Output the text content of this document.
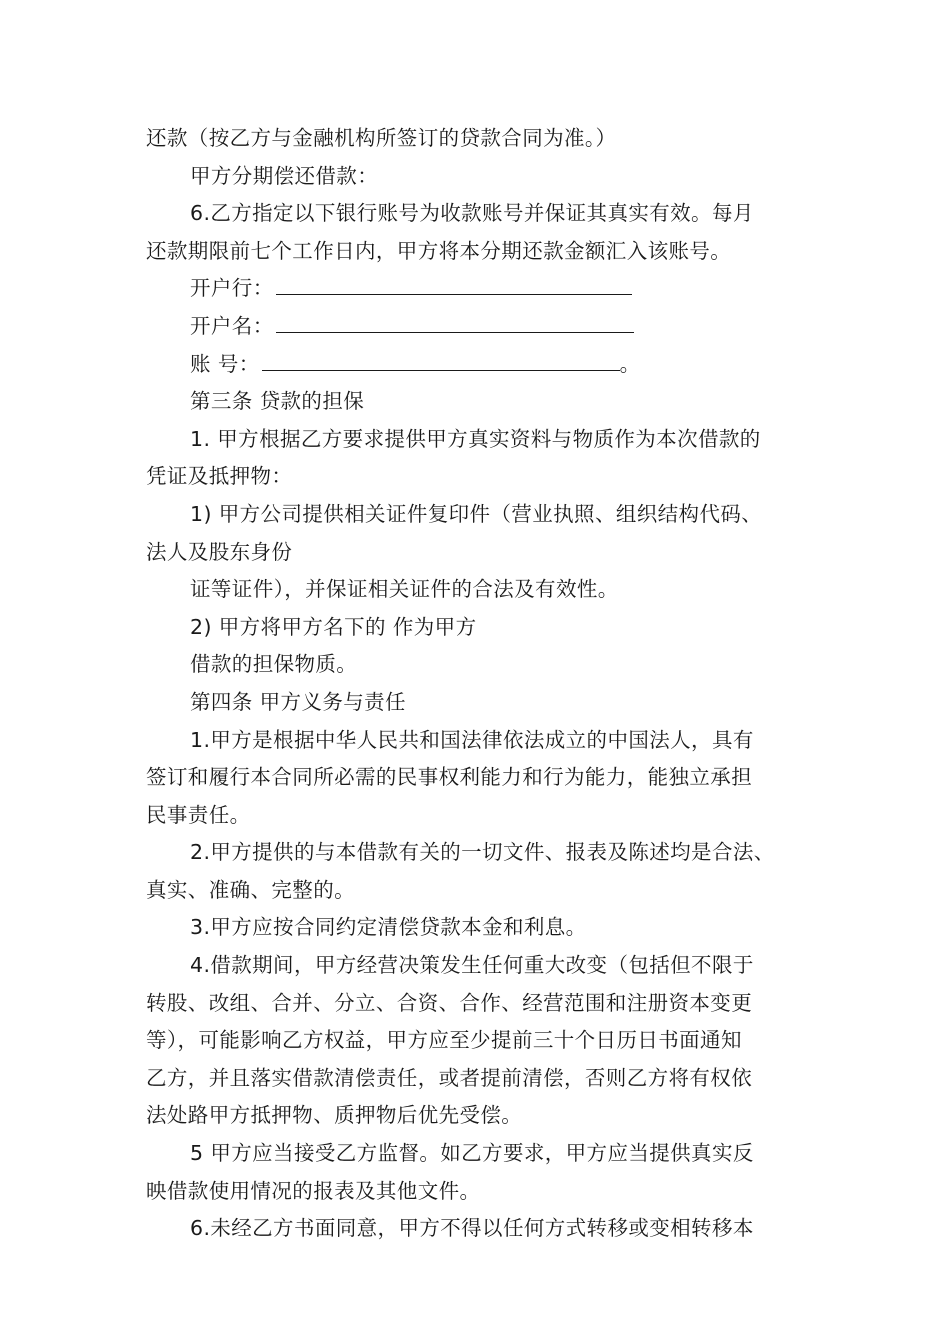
还款（按乙方与金融机构所签订的贷款合同为准。）
甲方分期偿还借款：
6.乙方指定以下银行账号为收款账号并保证其真实有效。每月
还款期限前七个工作日内，甲方将本分期还款金额汇入该账号。
开户行：
开户名：
账 号：	。
第三条 贷款的担保
1. 甲方根据乙方要求提供甲方真实资料与物质作为本次借款的
凭证及抵押物：
1) 甲方公司提供相关证件复印件（营业执照、组织结构代码、
法人及股东身份
证等证件），并保证相关证件的合法及有效性。
2) 甲方将甲方名下的 作为甲方
借款的担保物质。
第四条 甲方义务与责任
1.甲方是根据中华人民共和国法律依法成立的中国法人，具有
签订和履行本合同所必需的民事权利能力和行为能力，能独立承担
民事责任。
2.甲方提供的与本借款有关的一切文件、报表及陈述均是合法、
真实、准确、完整的。
3.甲方应按合同约定清偿贷款本金和利息。
4.借款期间，甲方经营决策发生任何重大改变（包括但不限于
转股、改组、合并、分立、合资、合作、经营范围和注册资本变更
等），可能影响乙方权益，甲方应至少提前三十个日历日书面通知
乙方，并且落实借款清偿责任，或者提前清偿，否则乙方将有权依
法处路甲方抵押物、质押物后优先受偿。
5 甲方应当接受乙方监督。如乙方要求，甲方应当提供真实反
映借款使用情况的报表及其他文件。
6.未经乙方书面同意，甲方不得以任何方式转移或变相转移本
